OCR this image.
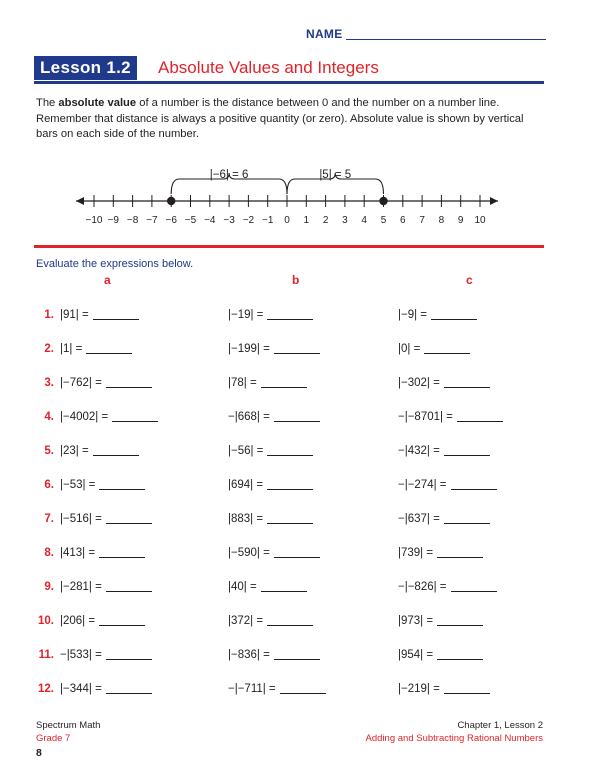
NAME
Lesson 1.2	Absolute Values and Integers

The absolute value of a number is the distance between 0 and the number on a number line. Remember that distance is always a positive quantity (or zero). Absolute value is shown by vertical bars on each side of the number.

−10 −9 −8 −7 −6 −5 −4 −3 −2 −1 0 1 2 3 4 5 6 7 8 9 10
|−6| = 6	|5| = 5
Evaluate the expressions below.
a	b	c
1. |91| =	|−19| =	|−9| =
2. |1| =	|−199| =	|0| =
3. |−762| =	|78| =	|−302| =
4. |−4002| =	−|668| =	−|−8701| =
5. |23| =	|−56| =	−|432| =
6. |−53| =	|694| =	−|−274| =
7. |−516| =	|883| =	−|637| =
8. |413| =	|−590| =	|739| =
9. |−281| =	|40| =	−|−826| =
10. |206| =	|372| =	|973| =
11. −|533| =	|−836| =	|954| =
12. |−344| =	−|−711| =	|−219| =
Spectrum Math
Grade 7
Chapter 1, Lesson 2
Adding and Subtracting Rational Numbers
8
